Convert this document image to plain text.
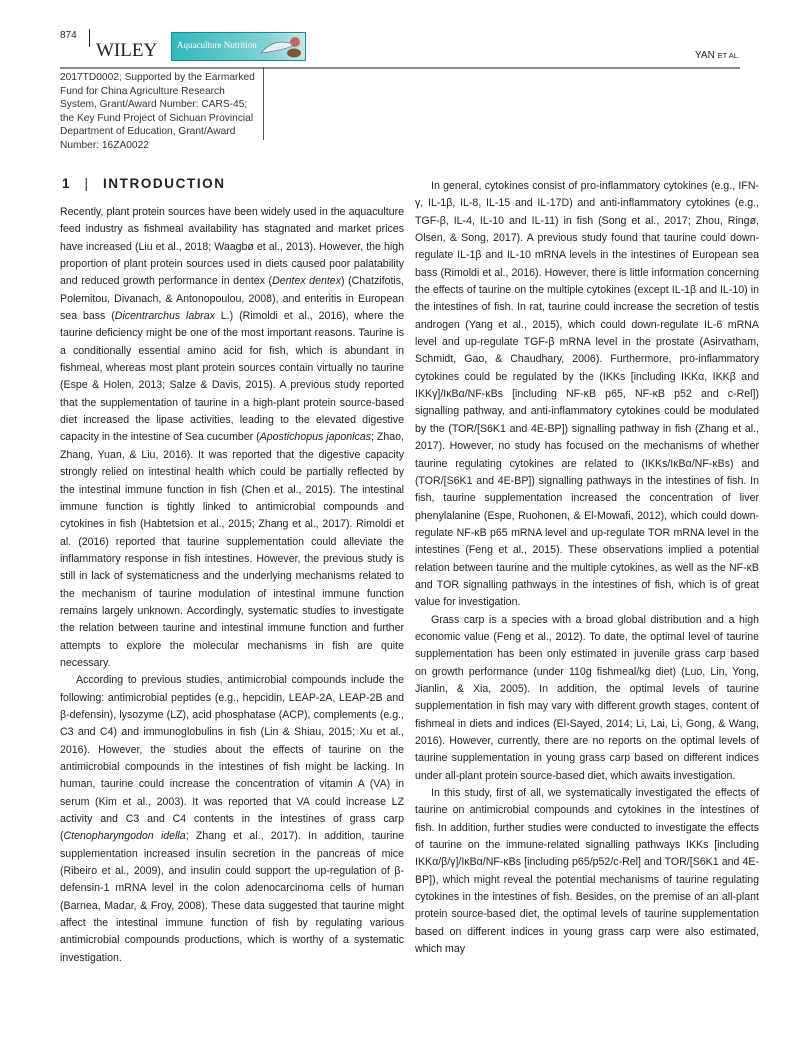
874
WILEY	Aquaculture Nutrition
YAN ET AL.
2017TD0002; Supported by the Earmarked Fund for China Agriculture Research System, Grant/Award Number: CARS-45; the Key Fund Project of Sichuan Provincial Department of Education, Grant/Award Number: 16ZA0022
1 | INTRODUCTION

Recently, plant protein sources have been widely used in the aquaculture feed industry as fishmeal availability has stagnated and market prices have increased (Liu et al., 2018; Waagbø et al., 2013). However, the high proportion of plant protein sources used in diets caused poor palatability and reduced growth performance in dentex (Dentex dentex) (Chatzifotis, Polemitou, Divanach, & Antonopoulou, 2008), and enteritis in European sea bass (Dicentrarchus labrax L.) (Rimoldi et al., 2016), where the taurine deficiency might be one of the most important reasons. Taurine is a conditionally essential amino acid for fish, which is abundant in fishmeal, whereas most plant protein sources contain virtually no taurine (Espe & Holen, 2013; Salze & Davis, 2015). A previous study reported that the supplementation of taurine in a high-plant protein source-based diet increased the lipase activities, leading to the elevated digestive capacity in the intestine of Sea cucumber (Apostichopus japonicas; Zhao, Zhang, Yuan, & Liu, 2016). It was reported that the digestive capacity strongly relied on intestinal health which could be partially reflected by the intestinal immune function in fish (Chen et al., 2015). The intestinal immune function is tightly linked to antimicrobial compounds and cytokines in fish (Habtetsion et al., 2015; Zhang et al., 2017). Rimoldi et al. (2016) reported that taurine supplementation could alleviate the inflammatory response in fish intestines. However, the previous study is still in lack of systematicness and the underlying mechanisms related to the mechanism of taurine modulation of intestinal immune function remains largely unknown. Accordingly, systematic studies to investigate the relation between taurine and intestinal immune function and further attempts to explore the molecular mechanisms in fish are quite necessary.

According to previous studies, antimicrobial compounds include the following: antimicrobial peptides (e.g., hepcidin, LEAP-2A, LEAP-2B and β-defensin), lysozyme (LZ), acid phosphatase (ACP), complements (e.g., C3 and C4) and immunoglobulins in fish (Lin & Shiau, 2015; Xu et al., 2016). However, the studies about the effects of taurine on the antimicrobial compounds in the intestines of fish might be lacking. In human, taurine could increase the concentration of vitamin A (VA) in serum (Kim et al., 2003). It was reported that VA could increase LZ activity and C3 and C4 contents in the intestines of grass carp (Ctenopharyngodon idella; Zhang et al., 2017). In addition, taurine supplementation increased insulin secretion in the pancreas of mice (Ribeiro et al., 2009), and insulin could support the up-regulation of β-defensin-1 mRNA level in the colon adenocarcinoma cells of human (Barnea, Madar, & Froy, 2008). These data suggested that taurine might affect the intestinal immune function of fish by regulating various antimicrobial compounds productions, which is worthy of a systematic investigation.

In general, cytokines consist of pro-inflammatory cytokines (e.g., IFN-γ, IL-1β, IL-8, IL-15 and IL-17D) and anti-inflammatory cytokines (e.g., TGF-β, IL-4, IL-10 and IL-11) in fish (Song et al., 2017; Zhou, Ringø, Olsen, & Song, 2017). A previous study found that taurine could down-regulate IL-1β and IL-10 mRNA levels in the intestines of European sea bass (Rimoldi et al., 2016). However, there is little information concerning the effects of taurine on the multiple cytokines (except IL-1β and IL-10) in the intestines of fish. In rat, taurine could increase the secretion of testis androgen (Yang et al., 2015), which could down-regulate IL-6 mRNA level and up-regulate TGF-β mRNA level in the prostate (Asirvatham, Schmidt, Gao, & Chaudhary, 2006). Furthermore, pro-inflammatory cytokines could be regulated by the (IKKs [including IKKα, IKKβ and IKKγ]/IκBα/NF-κBs [including NF-κB p65, NF-κB p52 and c-Rel]) signalling pathway, and anti-inflammatory cytokines could be modulated by the (TOR/[S6K1 and 4E-BP]) signalling pathway in fish (Zhang et al., 2017). However, no study has focused on the mechanisms of whether taurine regulating cytokines are related to (IKKs/IκBα/NF-κBs) and (TOR/[S6K1 and 4E-BP]) signalling pathways in the intestines of fish. In fish, taurine supplementation increased the concentration of liver phenylalanine (Espe, Ruohonen, & El-Mowafi, 2012), which could down-regulate NF-κB p65 mRNA level and up-regulate TOR mRNA level in the intestines (Feng et al., 2015). These observations implied a potential relation between taurine and the multiple cytokines, as well as the NF-κB and TOR signalling pathways in the intestines of fish, which is of great value for investigation.

Grass carp is a species with a broad global distribution and a high economic value (Feng et al., 2012). To date, the optimal level of taurine supplementation has been only estimated in juvenile grass carp based on growth performance (under 110g fishmeal/kg diet) (Luo, Lin, Yong, Jianlin, & Xia, 2005). In addition, the optimal levels of taurine supplementation in fish may vary with different growth stages, content of fishmeal in diets and indices (El-Sayed, 2014; Li, Lai, Li, Gong, & Wang, 2016). However, currently, there are no reports on the optimal levels of taurine supplementation in young grass carp based on different indices under all-plant protein source-based diet, which awaits investigation.

In this study, first of all, we systematically investigated the effects of taurine on antimicrobial compounds and cytokines in the intestines of fish. In addition, further studies were conducted to investigate the effects of taurine on the immune-related signalling pathways IKKs [including IKKα/β/γ]/IκBα/NF-κBs [including p65/p52/c-Rel] and TOR/[S6K1 and 4E-BP]), which might reveal the potential mechanisms of taurine regulating cytokines in the intestines of fish. Besides, on the premise of an all-plant protein source-based diet, the optimal levels of taurine supplementation based on different indices in young grass carp were also estimated, which may
